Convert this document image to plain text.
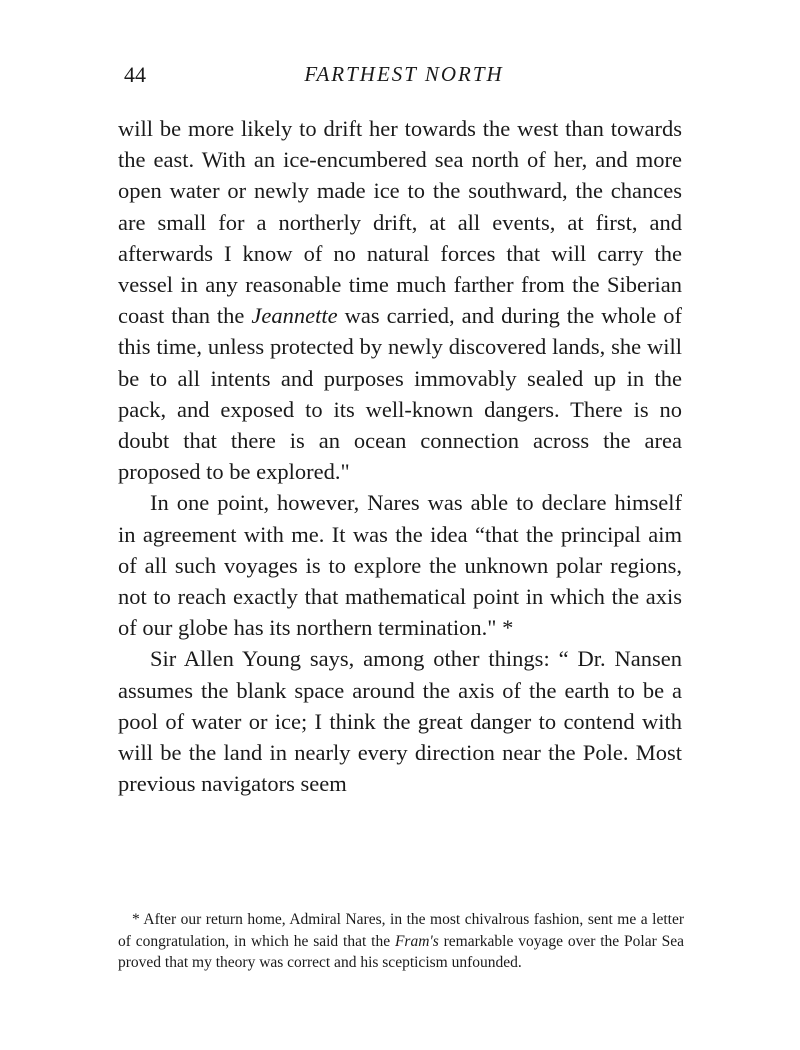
44	FARTHEST NORTH

will be more likely to drift her towards the west than towards the east. With an ice-encumbered sea north of her, and more open water or newly made ice to the southward, the chances are small for a northerly drift, at all events, at first, and afterwards I know of no natural forces that will carry the vessel in any reasonable time much farther from the Siberian coast than the Jeannette was carried, and during the whole of this time, unless protected by newly discovered lands, she will be to all intents and purposes immovably sealed up in the pack, and exposed to its well-known dangers. There is no doubt that there is an ocean connection across the area proposed to be explored."

In one point, however, Nares was able to declare himself in agreement with me. It was the idea “that the principal aim of all such voyages is to explore the unknown polar regions, not to reach exactly that mathematical point in which the axis of our globe has its northern termination." *

Sir Allen Young says, among other things: “ Dr. Nansen assumes the blank space around the axis of the earth to be a pool of water or ice; I think the great danger to contend with will be the land in nearly every direction near the Pole. Most previous navigators seem

* After our return home, Admiral Nares, in the most chivalrous fashion, sent me a letter of congratulation, in which he said that the Fram's remarkable voyage over the Polar Sea proved that my theory was correct and his scepticism unfounded.
